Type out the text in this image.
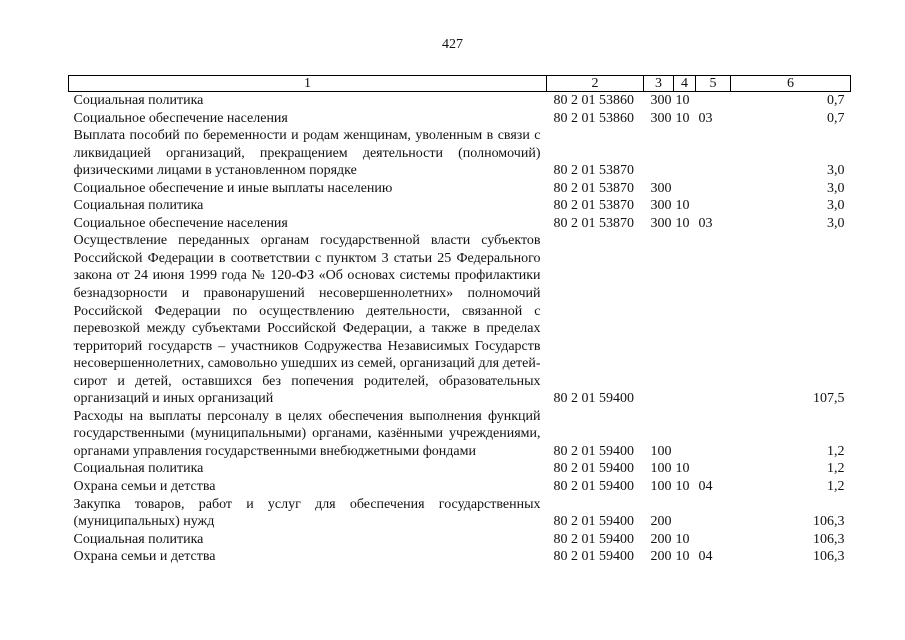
427
1	2	3	4	5	6
Социальная политика	80 2 01 53860	300	10		0,7
Социальное обеспечение населения	80 2 01 53860	300	10	03	0,7
Выплата пособий по беременности и родам женщинам, уволенным в связи с ликвидацией организаций, прекращением деятельности (полномочий) физическими лицами в установленном порядке	80 2 01 53870				3,0
Социальное обеспечение и иные выплаты населению	80 2 01 53870	300			3,0
Социальная политика	80 2 01 53870	300	10		3,0
Социальное обеспечение населения	80 2 01 53870	300	10	03	3,0
Осуществление переданных органам государственной власти субъектов Российской Федерации в соответствии с пунктом 3 статьи 25 Федерального закона от 24 июня 1999 года № 120-ФЗ «Об основах системы профилактики безнадзорности и правонарушений несовершеннолетних» полномочий Российской Федерации по осуществлению деятельности, связанной с перевозкой между субъектами Российской Федерации, а также в пределах территорий государств – участников Содружества Независимых Государств несовершеннолетних, самовольно ушедших из семей, организаций для детей-сирот и детей, оставшихся без попечения родителей, образовательных организаций и иных организаций	80 2 01 59400				107,5
Расходы на выплаты персоналу в целях обеспечения выполнения функций государственными (муниципальными) органами, казёнными учреждениями, органами управления государственными внебюджетными фондами	80 2 01 59400	100			1,2
Социальная политика	80 2 01 59400	100	10		1,2
Охрана семьи и детства	80 2 01 59400	100	10	04	1,2
Закупка товаров, работ и услуг для обеспечения государственных (муниципальных) нужд	80 2 01 59400	200			106,3
Социальная политика	80 2 01 59400	200	10		106,3
Охрана семьи и детства	80 2 01 59400	200	10	04	106,3
